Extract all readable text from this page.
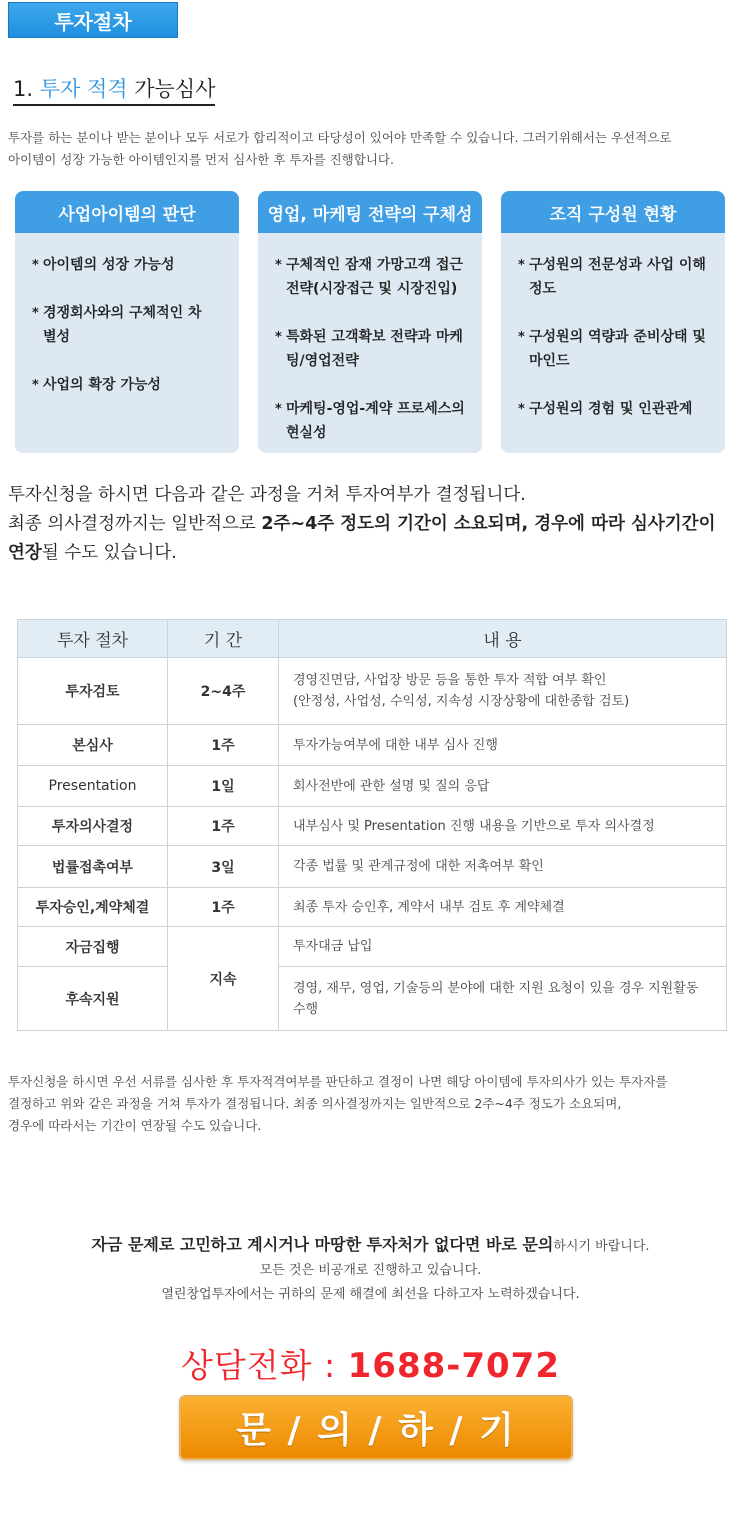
투자절차
1. 투자 적격 가능심사
투자를 하는 분이나 받는 분이나 모두 서로가 합리적이고 타당성이 있어야 만족할 수 있습니다. 그러기위해서는 우선적으로
아이템이 성장 가능한 아이템인지를 먼저 심사한 후 투자를 진행합니다.
사업아이템의 판단
* 아이템의 성장 가능성
* 경쟁회사와의 구체적인 차별성
* 사업의 확장 가능성
영업, 마케팅 전략의 구체성
* 구체적인 잠재 가망고객 접근 전략(시장접근 및 시장진입)
* 특화된 고객확보 전략과 마케팅/영업전략
* 마케팅-영업-계약 프로세스의 현실성
조직 구성원 현황
* 구성원의 전문성과 사업 이해정도
* 구성원의 역량과 준비상태 및 마인드
* 구성원의 경험 및 인관관계
투자신청을 하시면 다음과 같은 과정을 거쳐 투자여부가 결정됩니다.
최종 의사결정까지는 일반적으로 2주~4주 정도의 기간이 소요되며, 경우에 따라 심사기간이 연장될 수도 있습니다.
투자 절차	기 간	내 용
투자검토	2~4주	경영진면담, 사업장 방문 등을 통한 투자 적합 여부 확인
(안정성, 사업성, 수익성, 지속성 시장상황에 대한종합 검토)

본심사	1주	투자가능여부에 대한 내부 심사 진행
Presentation	1일	회사전반에 관한 설명 및 질의 응답
투자의사결정	1주	내부심사 및 Presentation 진행 내용을 기반으로 투자 의사결정
법률접촉여부	3일	각종 법률 및 관계규정에 대한 저촉여부 확인
투자승인,계약체결	1주	최종 투자 승인후, 계약서 내부 검토 후 계약체결
자금집행	지속	투자대금 납입
후속지원		경영, 재무, 영업, 기술등의 분야에 대한 지원 요청이 있을 경우 지원활동
수행
투자신청을 하시면 우선 서류를 심사한 후 투자적격여부를 판단하고 결정이 나면 해당 아이템에 투자의사가 있는 투자자를
결정하고 위와 같은 과정을 거쳐 투자가 결정됩니다. 최종 의사결정까지는 일반적으로 2주~4주 정도가 소요되며,
경우에 따라서는 기간이 연장될 수도 있습니다.
자금 문제로 고민하고 계시거나 마땅한 투자처가 없다면 바로 문의하시기 바랍니다.
모든 것은 비공개로 진행하고 있습니다.
열린창업투자에서는 귀하의 문제 해결에 최선을 다하고자 노력하겠습니다.
상담전화 : 1688-7072
문 / 의 / 하 / 기
